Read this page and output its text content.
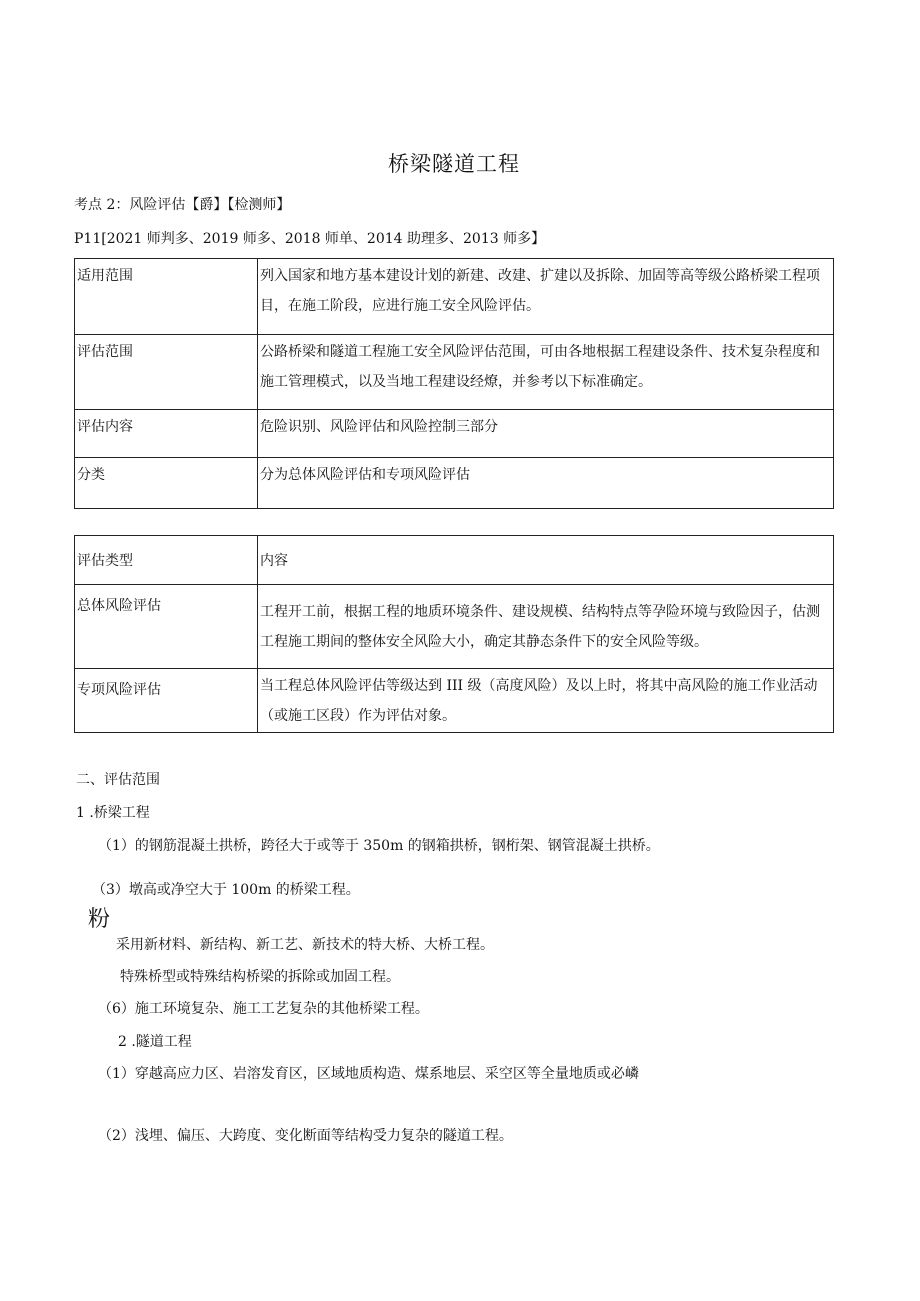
桥梁隧道工程
考点 2：风险评估【爵】【检测师】
P11[2021 师判多、2019 师多、2018 师单、2014 助理多、2013 师多】
适用范围	列入国家和地方基本建设计划的新建、改建、扩建以及拆除、加固等高等级公路桥梁工程项目，在施工阶段，应进行施工安全风险评估。
评估范围	公路桥梁和隧道工程施工安全风险评估范围，可由各地根据工程建设条件、技术复杂程度和施工管理模式，以及当地工程建设经燎，并参考以下标准确定。
评估内容	危险识别、风险评估和风险控制三部分
分类	分为总体风险评估和专项风险评估
评估类型	内容
总体风险评估	工程开工前，根据工程的地质环境条件、建设规模、结构特点等孕险环境与致险因子，估测工程施工期间的整体安全风险大小，确定其静态条件下的安全风险等级。
专项风险评估	当工程总体风险评估等级达到 III 级（高度风险）及以上时，将其中高风险的施工作业活动（或施工区段）作为评估对象。
二、评估范围
1 .桥梁工程
（1）的钢筋混凝土拱桥，跨径大于或等于 350m 的钢箱拱桥，钢桁架、钢管混凝土拱桥。
（3）墩高或净空大于 100m 的桥梁工程。
粉
采用新材料、新结构、新工艺、新技术的特大桥、大桥工程。
特殊桥型或特殊结构桥梁的拆除或加固工程。
（6）施工环境复杂、施工工艺复杂的其他桥梁工程。
2 .隧道工程
（1）穿越高应力区、岩溶发育区，区域地质构造、煤系地层、采空区等全量地质或必嶙
（2）浅埋、偏压、大跨度、变化断面等结构受力复杂的隧道工程。
